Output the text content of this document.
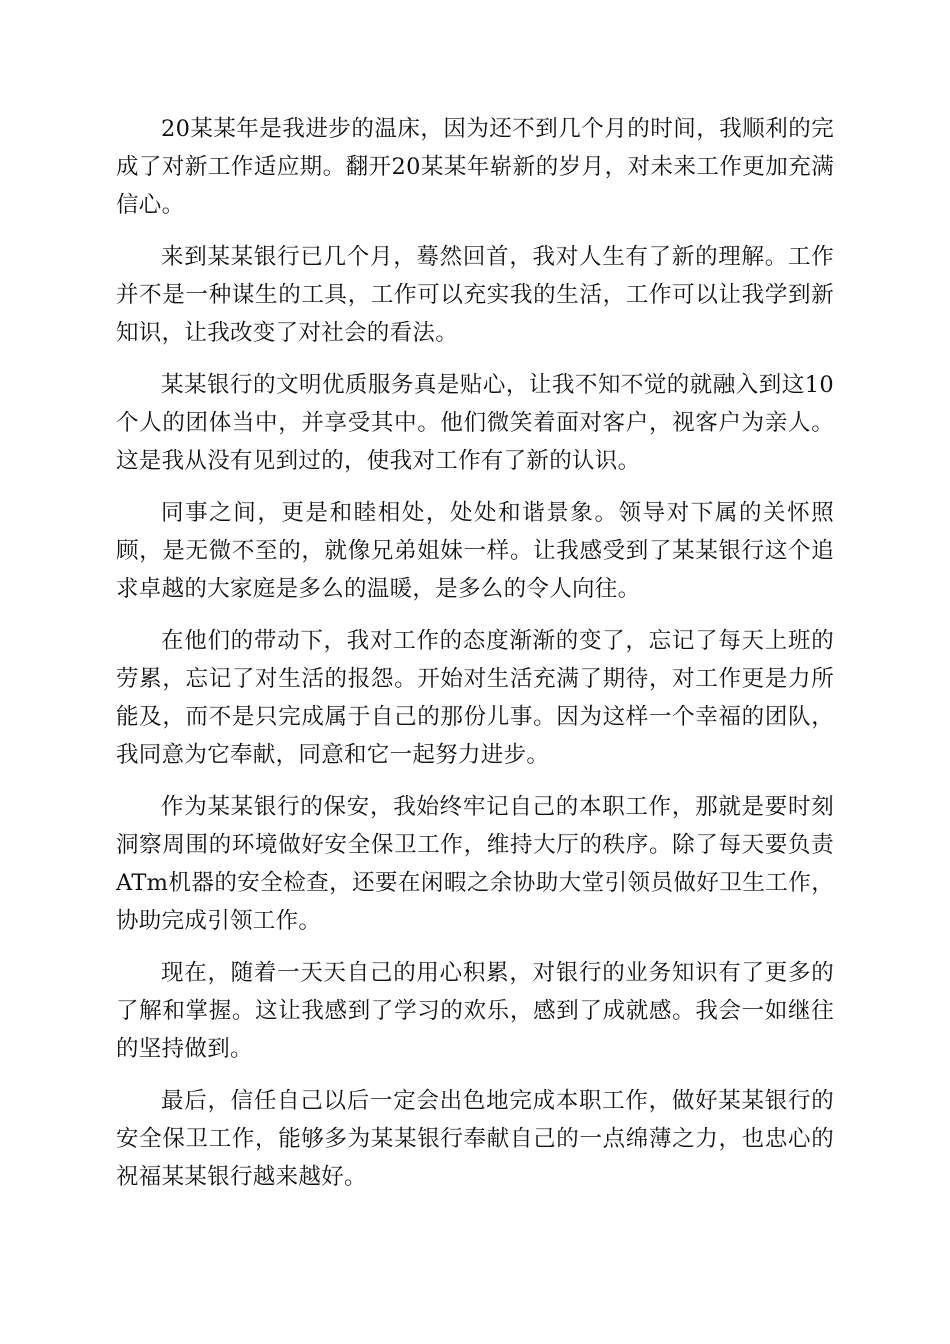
20某某年是我进步的温床，因为还不到几个月的时间，我顺利的完成了对新工作适应期。翻开20某某年崭新的岁月，对未来工作更加充满信心。

来到某某银行已几个月，蓦然回首，我对人生有了新的理解。工作并不是一种谋生的工具，工作可以充实我的生活，工作可以让我学到新知识，让我改变了对社会的看法。

某某银行的文明优质服务真是贴心，让我不知不觉的就融入到这10个人的团体当中，并享受其中。他们微笑着面对客户，视客户为亲人。这是我从没有见到过的，使我对工作有了新的认识。

同事之间，更是和睦相处，处处和谐景象。领导对下属的关怀照顾，是无微不至的，就像兄弟姐妹一样。让我感受到了某某银行这个追求卓越的大家庭是多么的温暖，是多么的令人向往。

在他们的带动下，我对工作的态度渐渐的变了，忘记了每天上班的劳累，忘记了对生活的报怨。开始对生活充满了期待，对工作更是力所能及，而不是只完成属于自己的那份儿事。因为这样一个幸福的团队，我同意为它奉献，同意和它一起努力进步。

作为某某银行的保安，我始终牢记自己的本职工作，那就是要时刻洞察周围的环境做好安全保卫工作，维持大厅的秩序。除了每天要负责ATm机器的安全检查，还要在闲暇之余协助大堂引领员做好卫生工作，协助完成引领工作。

现在，随着一天天自己的用心积累，对银行的业务知识有了更多的了解和掌握。这让我感到了学习的欢乐，感到了成就感。我会一如继往的坚持做到。

最后，信任自己以后一定会出色地完成本职工作，做好某某银行的安全保卫工作，能够多为某某银行奉献自己的一点绵薄之力，也忠心的祝福某某银行越来越好。
